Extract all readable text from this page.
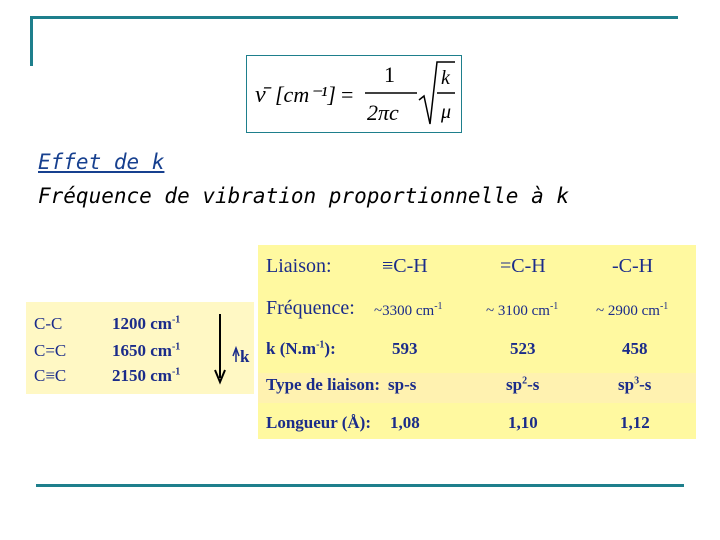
ν̄ [cm⁻¹] =
1
2πc
k
μ
Effet de k
Fréquence de vibration proportionnelle à k
C-C	1200 $cm^{-1}$
C=C	1650 $cm^{-1}$
C≡C	2150 $cm^{-1}$
k
Liaison:	≡C-H	=C-H	-C-H
Fréquence: ~3300 $cm^{-1}$	~ 3100 $cm^{-1}$	~ 2900 $cm^{-1}$
k $(N.m^{-1})$:	593	523	458
Type de liaison: sp-s	$sp^2-s$	$sp^3-s$
Longueur (Å): 1,08	1,10	1,12
